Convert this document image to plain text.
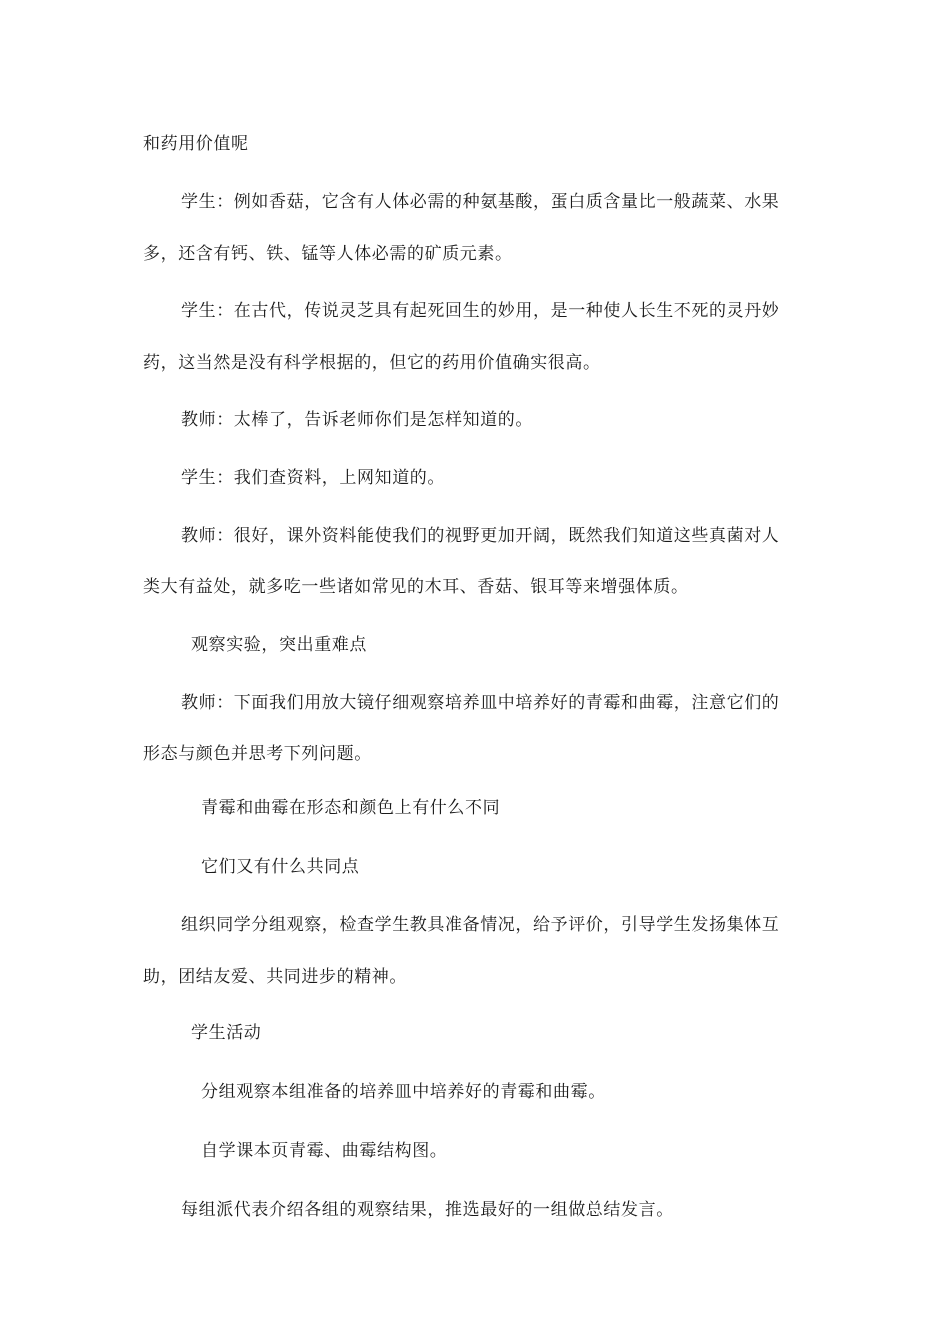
和药用价值呢
学生：例如香菇，它含有人体必需的种氨基酸，蛋白质含量比一般蔬菜、水果
多，还含有钙、铁、锰等人体必需的矿质元素。
学生：在古代，传说灵芝具有起死回生的妙用，是一种使人长生不死的灵丹妙
药，这当然是没有科学根据的，但它的药用价值确实很高。
教师：太棒了，告诉老师你们是怎样知道的。
学生：我们查资料，上网知道的。
教师：很好，课外资料能使我们的视野更加开阔，既然我们知道这些真菌对人
类大有益处，就多吃一些诸如常见的木耳、香菇、银耳等来增强体质。
观察实验，突出重难点
教师：下面我们用放大镜仔细观察培养皿中培养好的青霉和曲霉，注意它们的
形态与颜色并思考下列问题。
青霉和曲霉在形态和颜色上有什么不同
它们又有什么共同点
组织同学分组观察，检查学生教具准备情况，给予评价，引导学生发扬集体互
助，团结友爱、共同进步的精神。
学生活动
分组观察本组准备的培养皿中培养好的青霉和曲霉。
自学课本页青霉、曲霉结构图。
每组派代表介绍各组的观察结果，推选最好的一组做总结发言。
